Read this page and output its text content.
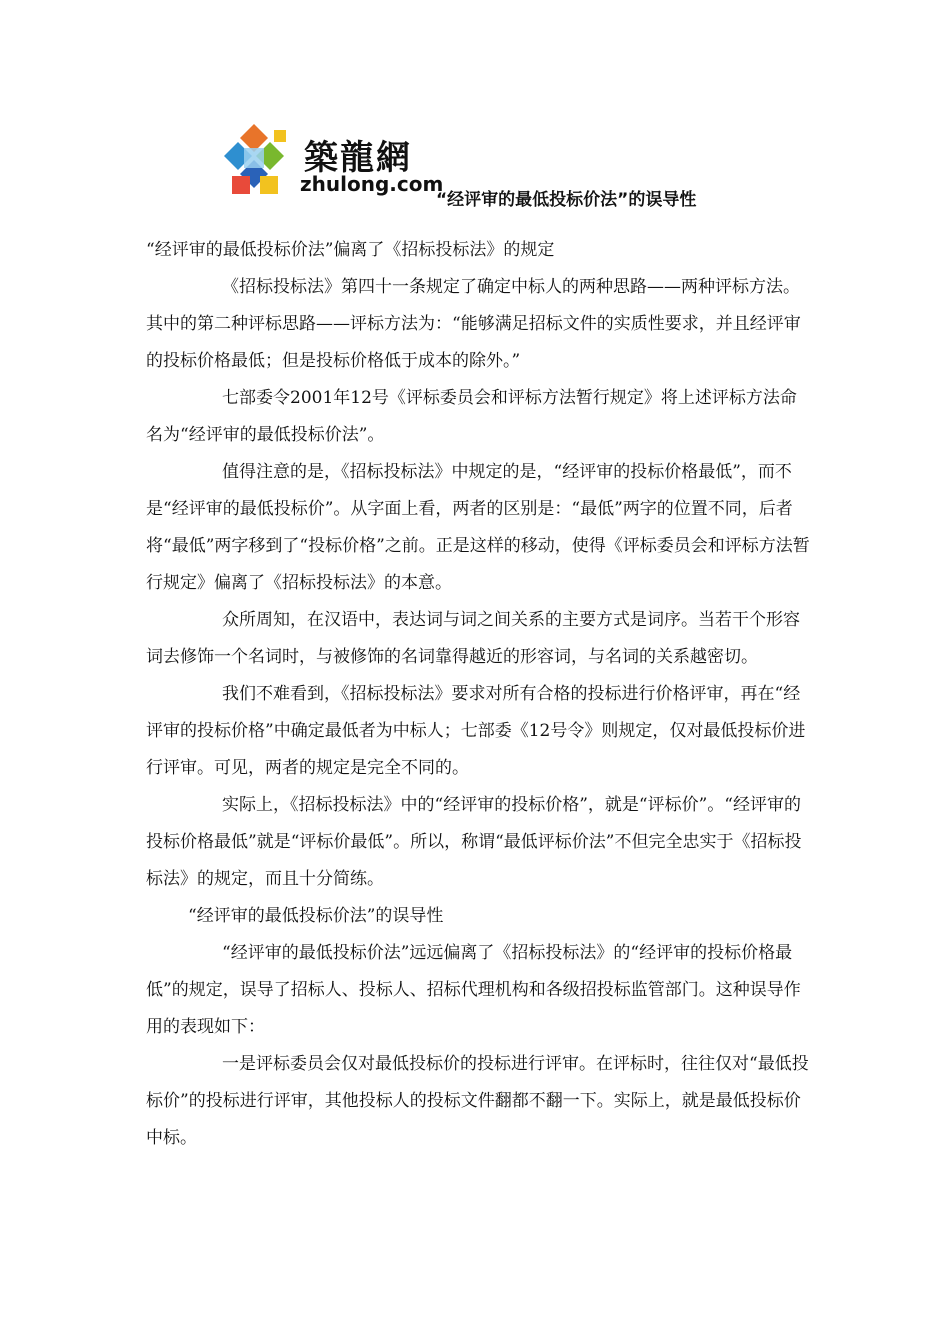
築龍網
zhulong.com
“经评审的最低投标价法”的误导性

“经评审的最低投标价法”偏离了《招标投标法》的规定

《招标投标法》第四十一条规定了确定中标人的两种思路——两种评标方法。其中的第二种评标思路——评标方法为：“能够满足招标文件的实质性要求，并且经评审的投标价格最低；但是投标价格低于成本的除外。”

七部委令2001年12号《评标委员会和评标方法暂行规定》将上述评标方法命名为“经评审的最低投标价法”。

值得注意的是，《招标投标法》中规定的是，“经评审的投标价格最低”，而不是“经评审的最低投标价”。从字面上看，两者的区别是：“最低”两字的位置不同，后者将“最低”两字移到了“投标价格”之前。正是这样的移动，使得《评标委员会和评标方法暂行规定》偏离了《招标投标法》的本意。

众所周知，在汉语中，表达词与词之间关系的主要方式是词序。当若干个形容词去修饰一个名词时，与被修饰的名词靠得越近的形容词，与名词的关系越密切。

我们不难看到，《招标投标法》要求对所有合格的投标进行价格评审，再在“经评审的投标价格”中确定最低者为中标人；七部委《12号令》则规定，仅对最低投标价进行评审。可见，两者的规定是完全不同的。

实际上，《招标投标法》中的“经评审的投标价格”，就是“评标价”。“经评审的投标价格最低”就是“评标价最低”。所以，称谓“最低评标价法”不但完全忠实于《招标投标法》的规定，而且十分简练。

“经评审的最低投标价法”的误导性

“经评审的最低投标价法”远远偏离了《招标投标法》的“经评审的投标价格最低”的规定，误导了招标人、投标人、招标代理机构和各级招投标监管部门。这种误导作用的表现如下：

一是评标委员会仅对最低投标价的投标进行评审。在评标时，往往仅对“最低投标价”的投标进行评审，其他投标人的投标文件翻都不翻一下。实际上，就是最低投标价中标。
